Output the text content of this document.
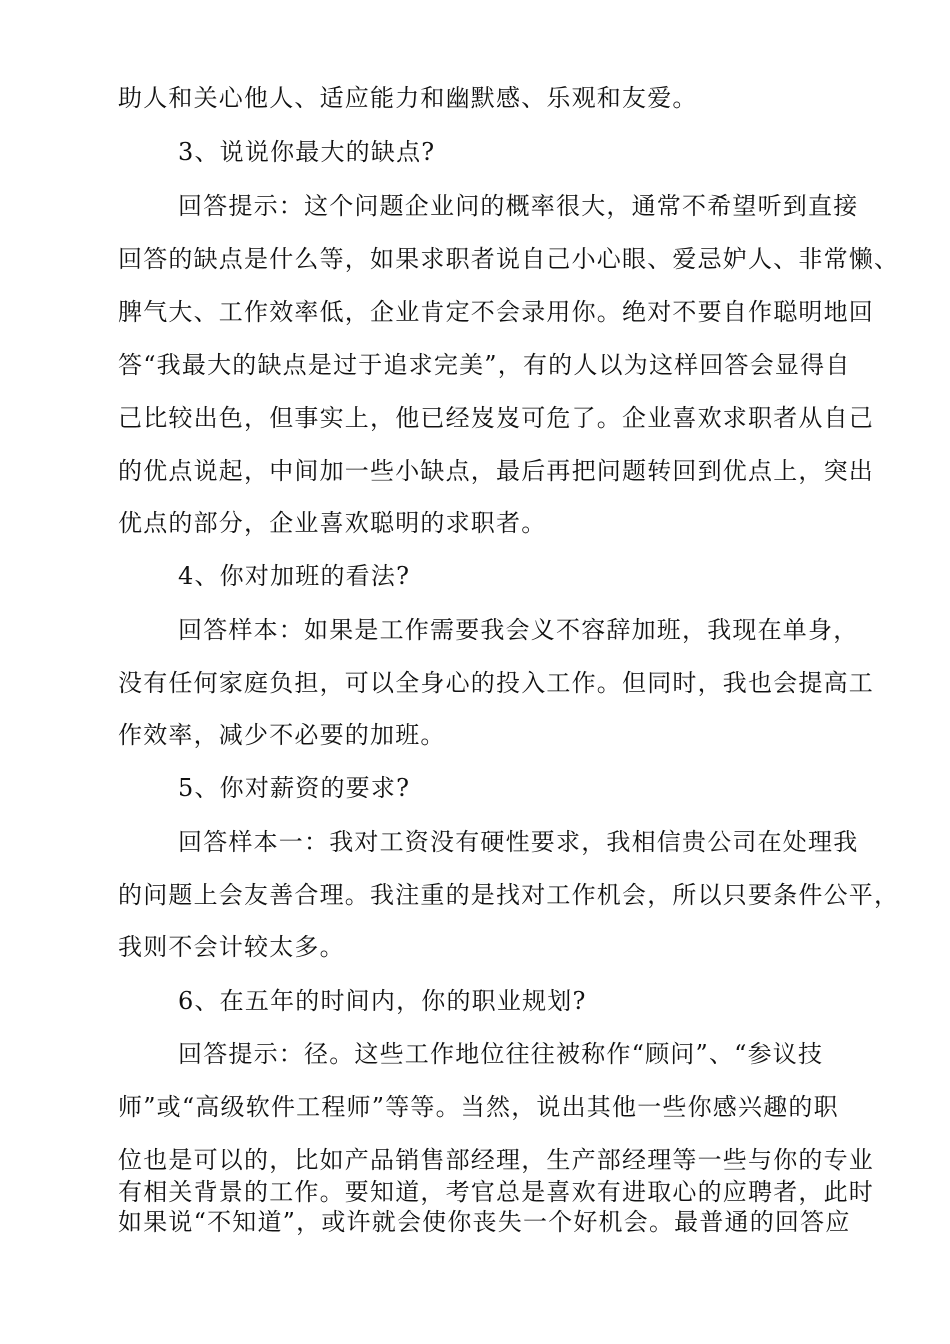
助人和关心他人、适应能力和幽默感、乐观和友爱。
3、说说你最大的缺点?
回答提示：这个问题企业问的概率很大，通常不希望听到直接
回答的缺点是什么等，如果求职者说自己小心眼、爱忌妒人、非常懒、
脾气大、工作效率低，企业肯定不会录用你。绝对不要自作聪明地回
答“我最大的缺点是过于追求完美”，有的人以为这样回答会显得自
己比较出色，但事实上，他已经岌岌可危了。企业喜欢求职者从自己
的优点说起，中间加一些小缺点，最后再把问题转回到优点上，突出
优点的部分，企业喜欢聪明的求职者。
4、你对加班的看法?
回答样本：如果是工作需要我会义不容辞加班，我现在单身，
没有任何家庭负担，可以全身心的投入工作。但同时，我也会提高工
作效率，减少不必要的加班。
5、你对薪资的要求?
回答样本一：我对工资没有硬性要求，我相信贵公司在处理我
的问题上会友善合理。我注重的是找对工作机会，所以只要条件公平，
我则不会计较太多。
6、在五年的时间内，你的职业规划?
回答提示：径。这些工作地位往往被称作“顾问”、“参议技
师”或“高级软件工程师”等等。当然，说出其他一些你感兴趣的职
位也是可以的，比如产品销售部经理，生产部经理等一些与你的专业
有相关背景的工作。要知道，考官总是喜欢有进取心的应聘者，此时
如果说“不知道”，或许就会使你丧失一个好机会。最普通的回答应
